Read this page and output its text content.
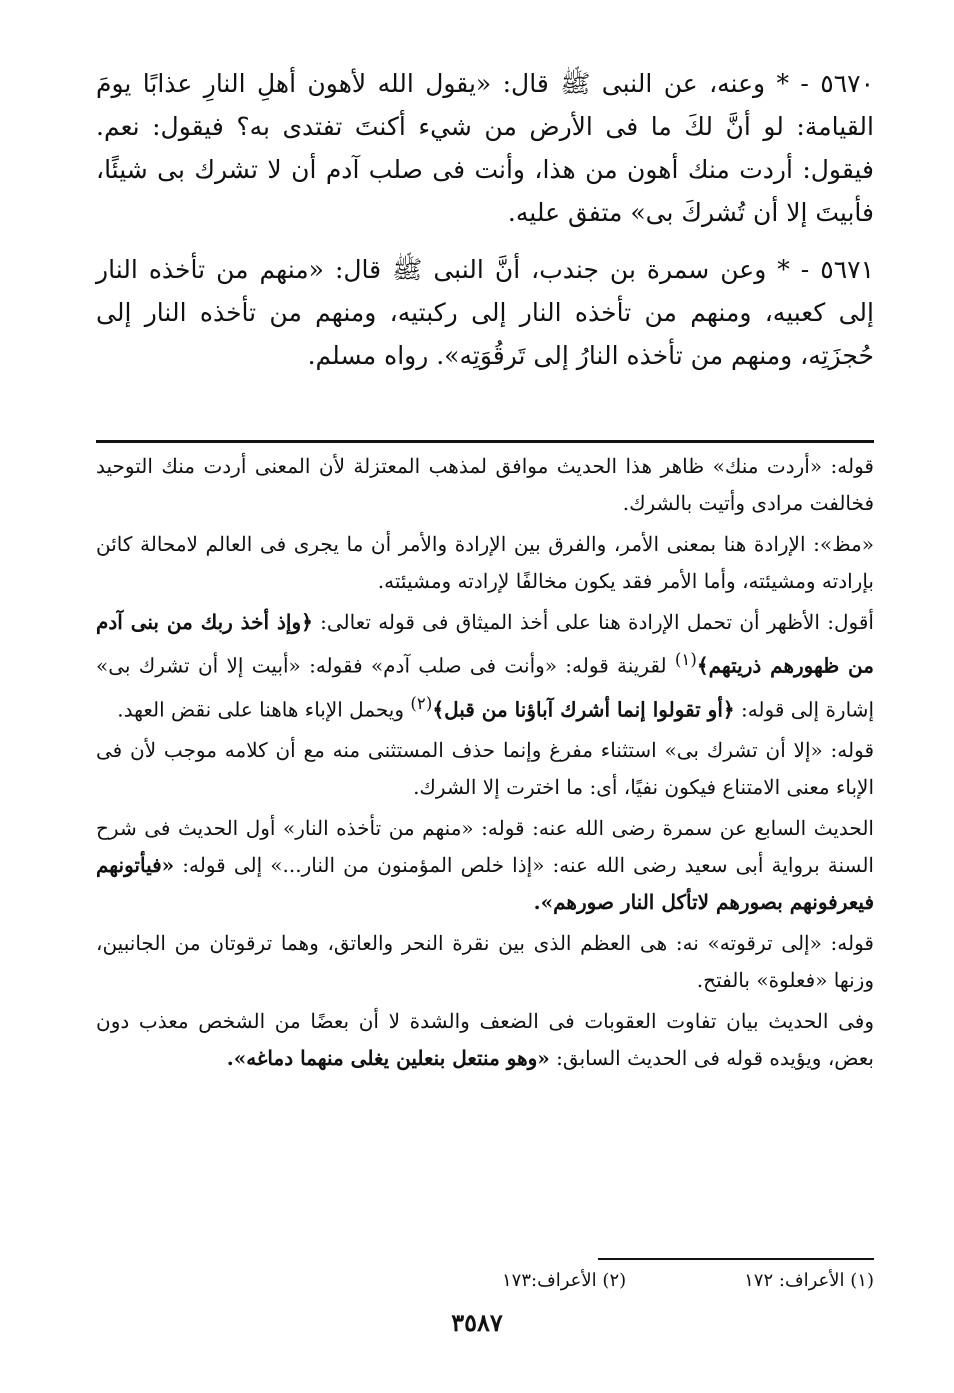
٥٦٧٠ - * وعنه، عن النبى ﷺ قال: «يقول الله لأهون أهلِ النارِ عذابًا يومَ القيامة: لو أنَّ لكَ ما فى الأرض من شيء أكنتَ تفتدى به؟ فيقول: نعم. فيقول: أردت منك أهون من هذا، وأنت فى صلب آدم أن لا تشرك بى شيئًا، فأبيتَ إلا أن تُشركَ بى» متفق عليه.

٥٦٧١ - * وعن سمرة بن جندب، أنَّ النبى ﷺ قال: «منهم من تأخذه النار إلى كعبيه، ومنهم من تأخذه النار إلى ركبتيه، ومنهم من تأخذه النار إلى حُجزَتِه، ومنهم من تأخذه النارُ إلى تَرقُوَتِه». رواه مسلم.

قوله: «أردت منك» ظاهر هذا الحديث موافق لمذهب المعتزلة لأن المعنى أردت منك التوحيد فخالفت مرادى وأتيت بالشرك.

«مظ»: الإرادة هنا بمعنى الأمر، والفرق بين الإرادة والأمر أن ما يجرى فى العالم لامحالة كائن بإرادته ومشيئته، وأما الأمر فقد يكون مخالفًا لإرادته ومشيئته.

أقول: الأظهر أن تحمل الإرادة هنا على أخذ الميثاق فى قوله تعالى: ﴿وإذ أخذ ربك من بنى آدم من ظهورهم ذريتهم﴾$^{(١)}$ لقرينة قوله: «وأنت فى صلب آدم» فقوله: «أبيت إلا أن تشرك بى» إشارة إلى قوله: ﴿أو تقولوا إنما أشرك آباؤنا من قبل﴾$^{(٢)}$ ويحمل الإباء هاهنا على نقض العهد.

قوله: «إلا أن تشرك بى» استثناء مفرغ وإنما حذف المستثنى منه مع أن كلامه موجب لأن فى الإباء معنى الامتناع فيكون نفيًا، أى: ما اخترت إلا الشرك.

الحديث السابع عن سمرة رضى الله عنه: قوله: «منهم من تأخذه النار» أول الحديث فى شرح السنة برواية أبى سعيد رضى الله عنه: «إذا خلص المؤمنون من النار...» إلى قوله: «فيأتونهم فيعرفونهم بصورهم لاتأكل النار صورهم».

قوله: «إلى ترقوته» نه: هى العظم الذى بين نقرة النحر والعاتق، وهما ترقوتان من الجانبين، وزنها «فعلوة» بالفتح.

وفى الحديث بيان تفاوت العقوبات فى الضعف والشدة لا أن بعضًا من الشخص معذب دون بعض، ويؤيده قوله فى الحديث السابق: «وهو منتعل بنعلين يغلى منهما دماغه».

(١) الأعراف: ١٧٢
(٢) الأعراف:١٧٣
٣٥٨٧
